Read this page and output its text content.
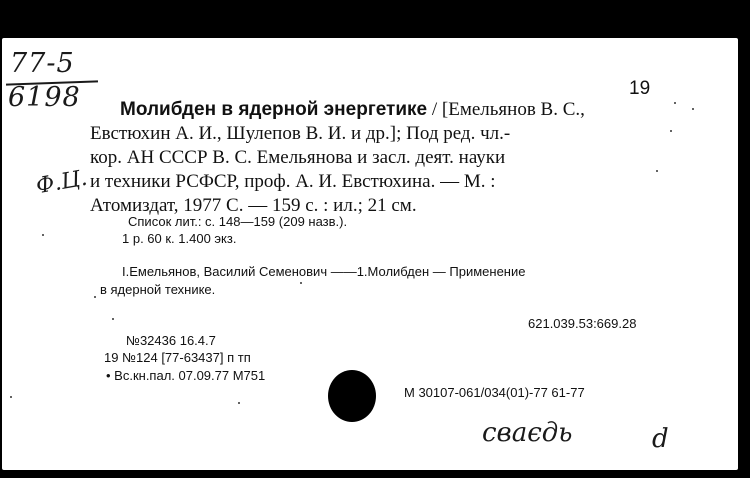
77-5
6198
Ф.Ц.
19
Молибден в ядерной энергетике / [Емельянов В. С.,
Евстюхин А. И., Шулепов В. И. и др.]; Под ред. чл.-
кор. АН СССР В. С. Емельянова и засл. деят. науки
и техники РСФСР, проф. А. И. Евстюхина. — М. :
Атомиздат, 1977 С. — 159 с. : ил.; 21 см.
Список лит.: с. 148—159 (209 назв.).
1 р. 60 к. 1.400 экз.
I.Емельянов, Василий Семенович ——1.Молибден — Применение
в ядерной технике.
621.039.53:669.28
№32436 16.4.7
19 №124 [77-63437] п тп
• Вс.кн.пал. 07.09.77 М751
М 30107-061/034(01)-77 61-77
сваєдь	d
